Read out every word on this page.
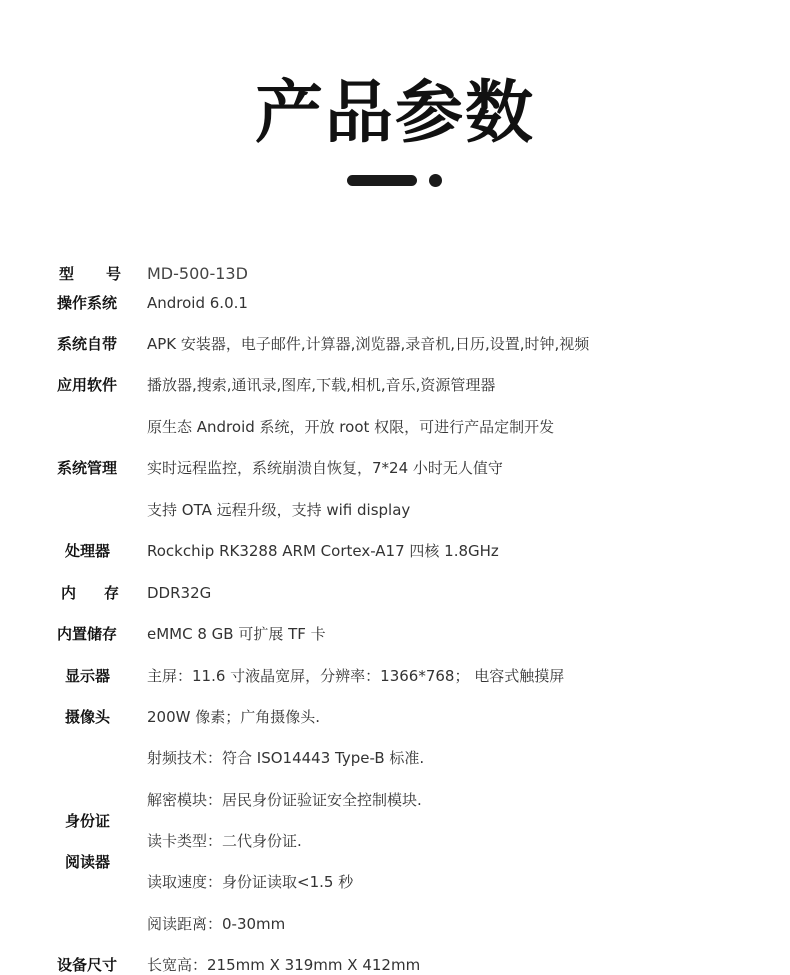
产品参数
型号 MD-500-13D
操作系统 Android 6.0.1
系统自带 APK 安装器，电子邮件,计算器,浏览器,录音机,日历,设置,时钟,视频
应用软件 播放器,搜索,通讯录,图库,下载,相机,音乐,资源管理器
原生态 Android 系统，开放 root 权限，可进行产品定制开发
系统管理 实时远程监控，系统崩溃自恢复，7*24 小时无人值守
支持 OTA 远程升级，支持 wifi display
处理器 Rockchip RK3288 ARM Cortex-A17 四核 1.8GHz
内存 DDR32G
内置储存 eMMC 8 GB 可扩展 TF 卡
显示器 主屏：11.6 寸液晶宽屏，分辨率：1366*768； 电容式触摸屏
摄像头 200W 像素；广角摄像头.
射频技术：符合 ISO14443 Type-B 标准.
解密模块：居民身份证验证安全控制模块.
身份证
读卡类型：二代身份证.
阅读器
读取速度：身份证读取<1.5 秒
阅读距离：0-30mm
设备尺寸 长宽高：215mm X 319mm X 412mm
